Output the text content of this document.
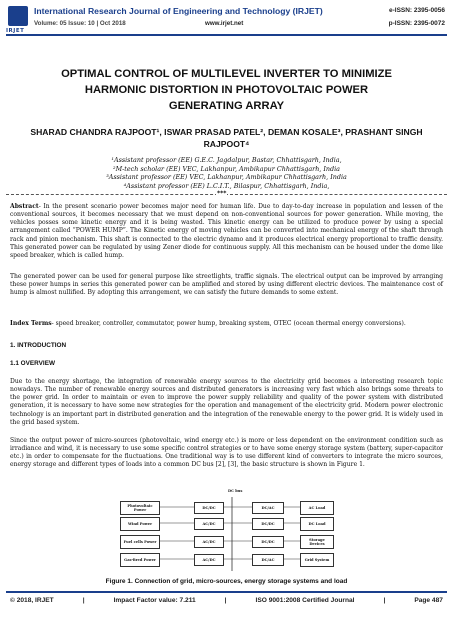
IRJET
International Research Journal of Engineering and Technology (IRJET)
Volume: 05 Issue: 10 | Oct 2018	www.irjet.net
e-ISSN: 2395-0056
p-ISSN: 2395-0072
OPTIMAL CONTROL OF MULTILEVEL INVERTER TO MINIMIZE
HARMONIC DISTORTION IN PHOTOVOLTAIC POWER
GENERATING ARRAY
SHARAD CHANDRA RAJPOOT¹, ISWAR PRASAD PATEL², DEMAN KOSALE³, PRASHANT SINGH
RAJPOOT⁴
¹Assistant professor (EE) G.E.C. Jagdalpur, Bastar, Chhattisgarh, India,
²M-tech scholar (EE) VEC, Lakhanpur, Ambikapur Chhattisgarh, India
³Assistant professor (EE) VEC, Lakhanpur, Ambikapur Chhattisgarh, India
⁴Assistant professor (EE) L.C.I.T., Bilaspur, Chhattisgarh, India,
***
Abstract- In the present scenario power becomes major need for human life. Due to day-to-day increase in population and lessen of the conventional sources, it becomes necessary that we must depend on non-conventional sources for power generation. While moving, the vehicles posses some kinetic energy and it is being wasted. This kinetic energy can be utilized to produce power by using a special arrangement called “POWER HUMP”. The Kinetic energy of moving vehicles can be converted into mechanical energy of the shaft through rack and pinion mechanism. This shaft is connected to the electric dynamo and it produces electrical energy proportional to traffic density. This generated power can be regulated by using Zener diode for continuous supply. All this mechanism can be housed under the dome like speed breaker, which is called hump.
The generated power can be used for general purpose like streetlights, traffic signals. The electrical output can be improved by arranging these power humps in series this generated power can be amplified and stored by using different electric devices. The maintenance cost of hump is almost nullified. By adopting this arrangement, we can satisfy the future demands to some extent.
Index Terms- speed breaker, controller, commutator, power hump, breaking system, OTEC (ocean thermal energy conversions).
1. INTRODUCTION
1.1 OVERVIEW
Due to the energy shortage, the integration of renewable energy sources to the electricity grid becomes a interesting research topic nowadays. The number of renewable energy sources and distributed generators is increasing very fast which also brings some threats to the power grid. In order to maintain or even to improve the power supply reliability and quality of the power system with distributed generation, it is necessary to have some new strategies for the operation and management of the electricity grid. Modern power electronic technology is an important part in distributed generation and the integration of the renewable energy to the power grid. It is widely used in the grid based system.
Since the output power of micro-sources (photovoltaic, wind energy etc.) is more or less dependent on the environment condition such as irradiance and wind, it is necessary to use some specific control strategies or to have some energy storage system (battery, super-capacitor etc.) in order to compensate for the fluctuations. One traditional way is to use different kind of converters to integrate the micro sources, energy storage and different types of loads into a common DC bus [2], [3], the basic structure is shown in Figure 1.
DC bus
Photovoltaic Power
Wind Power
Fuel cells Power
Gas-fired Power
DC/DC
AC/DC
AC/DC
AC/DC
DC/AC
DC/DC
DC/DC
DC/AC
AC Load
DC Load
Storage Devices
Grid System
Figure 1. Connection of grid, micro-sources, energy storage systems and load
© 2018, IRJET	|	Impact Factor value: 7.211	|	ISO 9001:2008 Certified Journal	|	Page 487
